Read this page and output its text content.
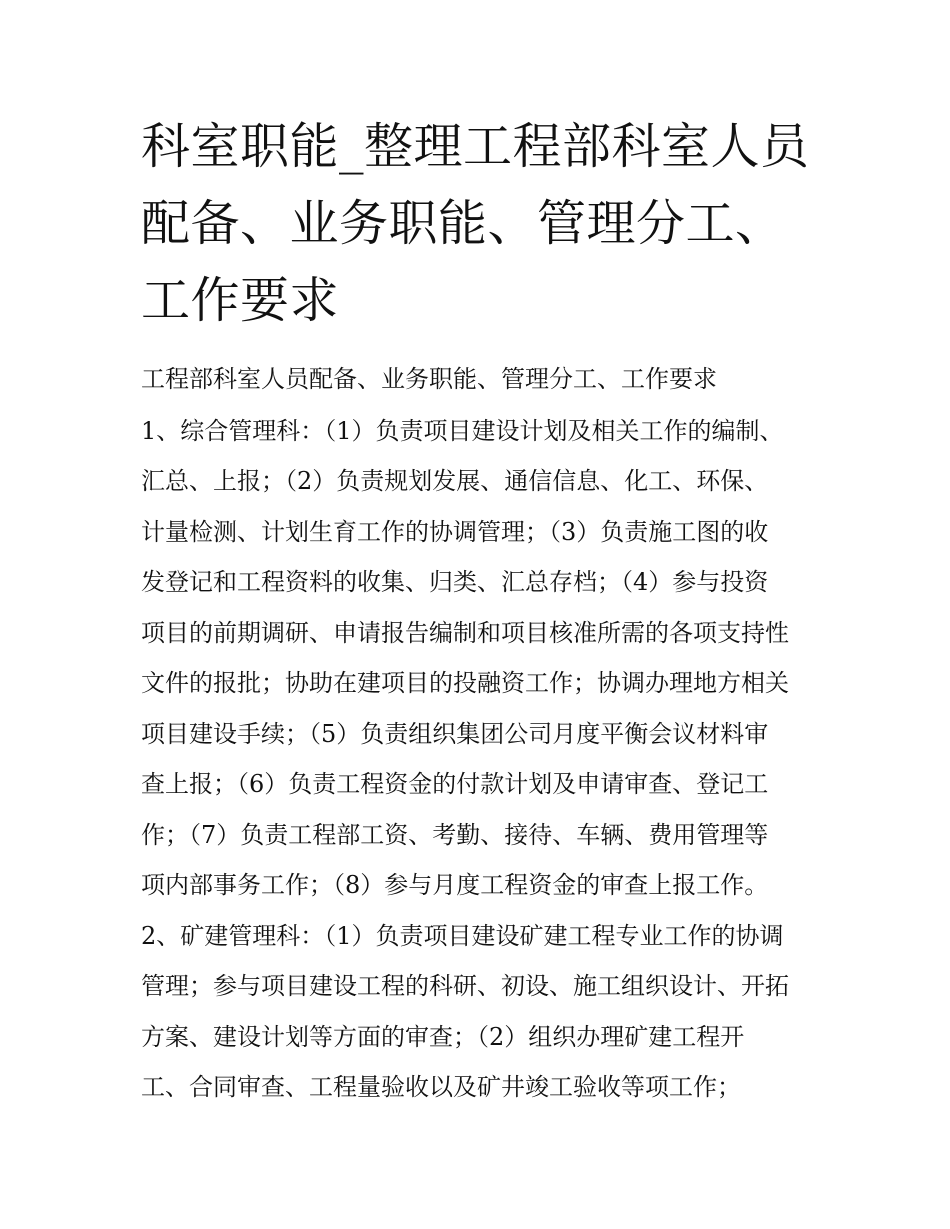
科室职能_整理工程部科室人员
配备、业务职能、管理分工、
工作要求
工程部科室人员配备、业务职能、管理分工、工作要求
1、综合管理科：（1）负责项目建设计划及相关工作的编制、
汇总、上报；（2）负责规划发展、通信信息、化工、环保、
计量检测、计划生育工作的协调管理；（3）负责施工图的收
发登记和工程资料的收集、归类、汇总存档；（4）参与投资
项目的前期调研、申请报告编制和项目核准所需的各项支持性
文件的报批；协助在建项目的投融资工作；协调办理地方相关
项目建设手续；（5）负责组织集团公司月度平衡会议材料审
查上报；（6）负责工程资金的付款计划及申请审查、登记工
作；（7）负责工程部工资、考勤、接待、车辆、费用管理等
项内部事务工作；（8）参与月度工程资金的审查上报工作。
2、矿建管理科：（1）负责项目建设矿建工程专业工作的协调
管理；参与项目建设工程的科研、初设、施工组织设计、开拓
方案、建设计划等方面的审查；（2）组织办理矿建工程开
工、合同审查、工程量验收以及矿井竣工验收等项工作；
